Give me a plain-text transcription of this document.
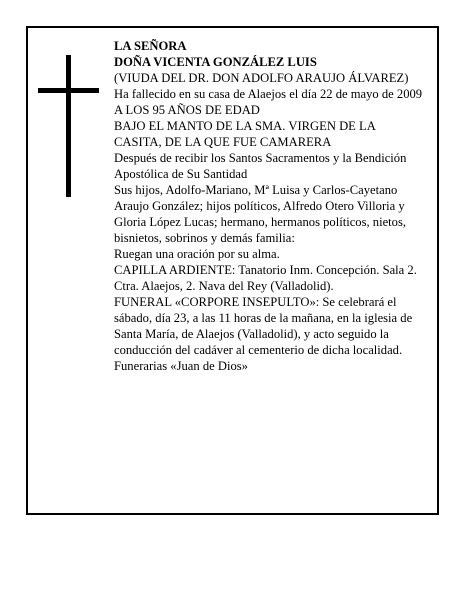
LA SEÑORA

DOÑA VICENTA GONZÁLEZ LUIS

(VIUDA DEL DR. DON ADOLFO ARAUJO ÁLVAREZ)

Ha fallecido en su casa de Alaejos el día 22 de mayo de 2009

A LOS 95 AÑOS DE EDAD

BAJO EL MANTO DE LA SMA. VIRGEN DE LA CASITA, DE LA QUE FUE CAMARERA

Después de recibir los Santos Sacramentos y la Bendición Apostólica de Su Santidad

Sus hijos, Adolfo-Mariano, Mª Luisa y Carlos-Cayetano Araujo González; hijos políticos, Alfredo Otero Villoria y Gloria López Lucas; hermano, hermanos políticos, nietos, bisnietos, sobrinos y demás familia:

Ruegan una oración por su alma.

CAPILLA ARDIENTE: Tanatorio Inm. Concepción. Sala 2. Ctra. Alaejos, 2. Nava del Rey (Valladolid).

FUNERAL «CORPORE INSEPULTO»: Se celebrará el sábado, día 23, a las 11 horas de la mañana, en la iglesia de Santa María, de Alaejos (Valladolid), y acto seguido la conducción del cadáver al cementerio de dicha localidad.

Funerarias «Juan de Dios»
